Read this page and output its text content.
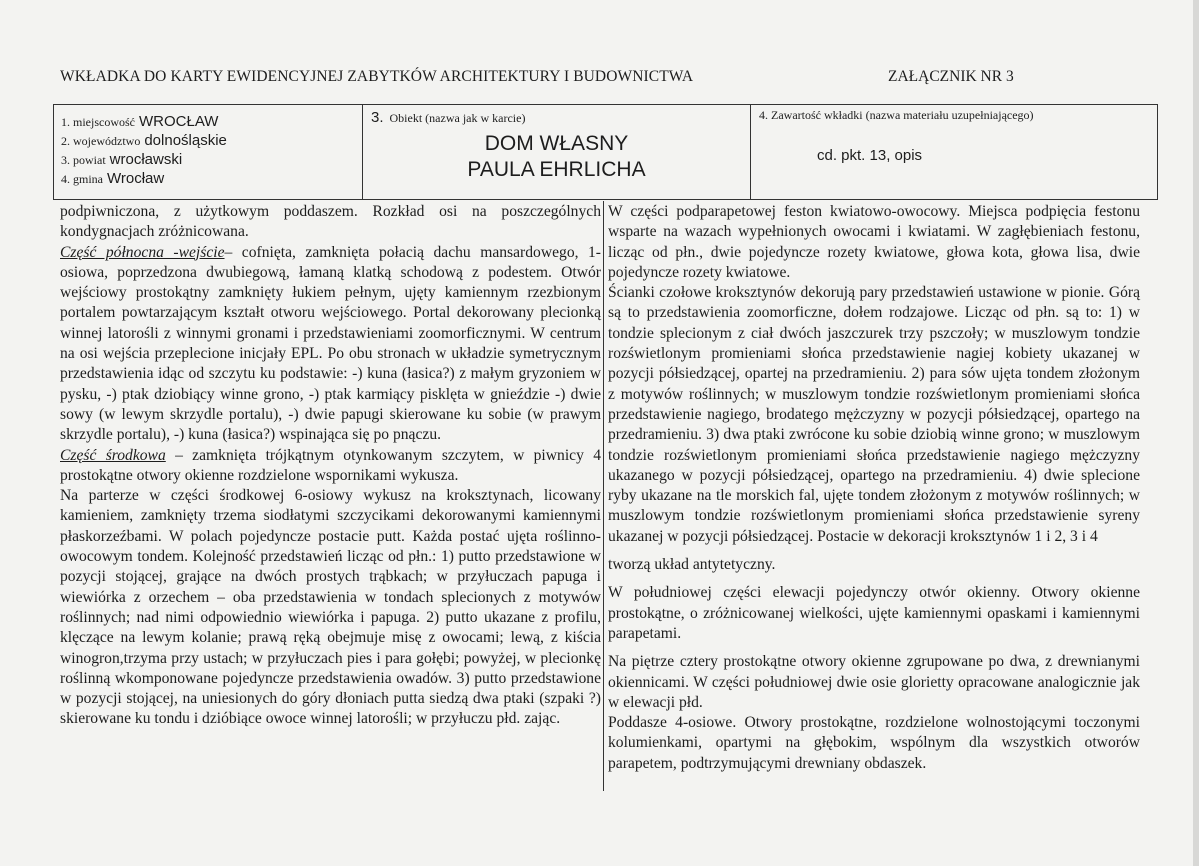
WKŁADKA DO KARTY EWIDENCYJNEJ ZABYTKÓW ARCHITEKTURY I BUDOWNICTWA	ZAŁĄCZNIK NR 3
1. miejscowość WROCŁAW
2. województwo dolnośląskie
3. powiat wrocławski
4. gmina Wrocław
3. Obiekt (nazwa jak w karcie)
DOM WŁASNY
PAULA EHRLICHA
4. Zawartość wkładki (nazwa materiału uzupełniającego)
cd. pkt. 13, opis

podpiwniczona, z użytkowym poddaszem. Rozkład osi na poszczególnych kondygnacjach zróżnicowana.

Część północna -wejście– cofnięta, zamknięta połacią dachu mansardowego, 1-osiowa, poprzedzona dwubiegową, łamaną klatką schodową z podestem. Otwór wejściowy prostokątny zamknięty łukiem pełnym, ujęty kamiennym rzezbionym portalem powtarzającym kształt otworu wejściowego. Portal dekorowany plecionką winnej latorośli z winnymi gronami i przedstawieniami zoomorficznymi. W centrum na osi wejścia przeplecione inicjały EPL. Po obu stronach w układzie symetrycznym przedstawienia idąc od szczytu ku podstawie: -) kuna (łasica?) z małym gryzoniem w pysku, -) ptak dziobiący winne grono, -) ptak karmiący pisklęta w gnieździe -) dwie sowy (w lewym skrzydle portalu), -) dwie papugi skierowane ku sobie (w prawym skrzydle portalu), -) kuna (łasica?) wspinająca się po pnączu.

Część środkowa – zamknięta trójkątnym otynkowanym szczytem, w piwnicy 4 prostokątne otwory okienne rozdzielone wspornikami wykusza.

Na parterze w części środkowej 6-osiowy wykusz na kroksztynach, licowany kamieniem, zamknięty trzema siodłatymi szczycikami dekorowanymi kamiennymi płaskorzeźbami. W polach pojedyncze postacie putt. Każda postać ujęta roślinno-owocowym tondem. Kolejność przedstawień licząc od płn.: 1) putto przedstawione w pozycji stojącej, grające na dwóch prostych trąbkach; w przyłuczach papuga i wiewiórka z orzechem – oba przedstawienia w tondach splecionych z motywów roślinnych; nad nimi odpowiednio wiewiórka i papuga. 2) putto ukazane z profilu, klęczące na lewym kolanie; prawą ręką obejmuje misę z owocami; lewą, z kiścia winogron,trzyma przy ustach; w przyłuczach pies i para gołębi; powyżej, w plecionkę roślinną wkomponowane pojedyncze przedstawienia owadów. 3) putto przedstawione w pozycji stojącej, na uniesionych do góry dłoniach putta siedzą dwa ptaki (szpaki ?) skierowane ku tondu i dzióbiące owoce winnej latorośli; w przyłuczu płd. zając.

W części podparapetowej feston kwiatowo-owocowy. Miejsca podpięcia festonu wsparte na wazach wypełnionych owocami i kwiatami. W zagłębieniach festonu, licząc od płn., dwie pojedyncze rozety kwiatowe, głowa kota, głowa lisa, dwie pojedyncze rozety kwiatowe.

Ścianki czołowe kroksztynów dekorują pary przedstawień ustawione w pionie. Górą są to przedstawienia zoomorficzne, dołem rodzajowe. Licząc od płn. są to: 1) w tondzie splecionym z ciał dwóch jaszczurek trzy pszczoły; w muszlowym tondzie rozświetlonym promieniami słońca przedstawienie nagiej kobiety ukazanej w pozycji półsiedzącej, opartej na przedramieniu. 2) para sów ujęta tondem złożonym z motywów roślinnych; w muszlowym tondzie rozświetlonym promieniami słońca przedstawienie nagiego, brodatego mężczyzny w pozycji półsiedzącej, opartego na przedramieniu. 3) dwa ptaki zwrócone ku sobie dziobią winne grono; w muszlowym tondzie rozświetlonym promieniami słońca przedstawienie nagiego mężczyzny ukazanego w pozycji półsiedzącej, opartego na przedramieniu. 4) dwie splecione ryby ukazane na tle morskich fal, ujęte tondem złożonym z motywów roślinnych; w muszlowym tondzie rozświetlonym promieniami słońca przedstawienie syreny ukazanej w pozycji półsiedzącej. Postacie w dekoracji kroksztynów 1 i 2, 3 i 4

tworzą układ antytetyczny.

W południowej części elewacji pojedynczy otwór okienny. Otwory okienne prostokątne, o zróżnicowanej wielkości, ujęte kamiennymi opaskami i kamiennymi parapetami.

Na piętrze cztery prostokątne otwory okienne zgrupowane po dwa, z drewnianymi okiennicami. W części południowej dwie osie glorietty opracowane analogicznie jak w elewacji płd.

Poddasze 4-osiowe. Otwory prostokątne, rozdzielone wolnostojącymi toczonymi kolumienkami, opartymi na głębokim, wspólnym dla wszystkich otworów parapetem, podtrzymującymi drewniany obdaszek.
